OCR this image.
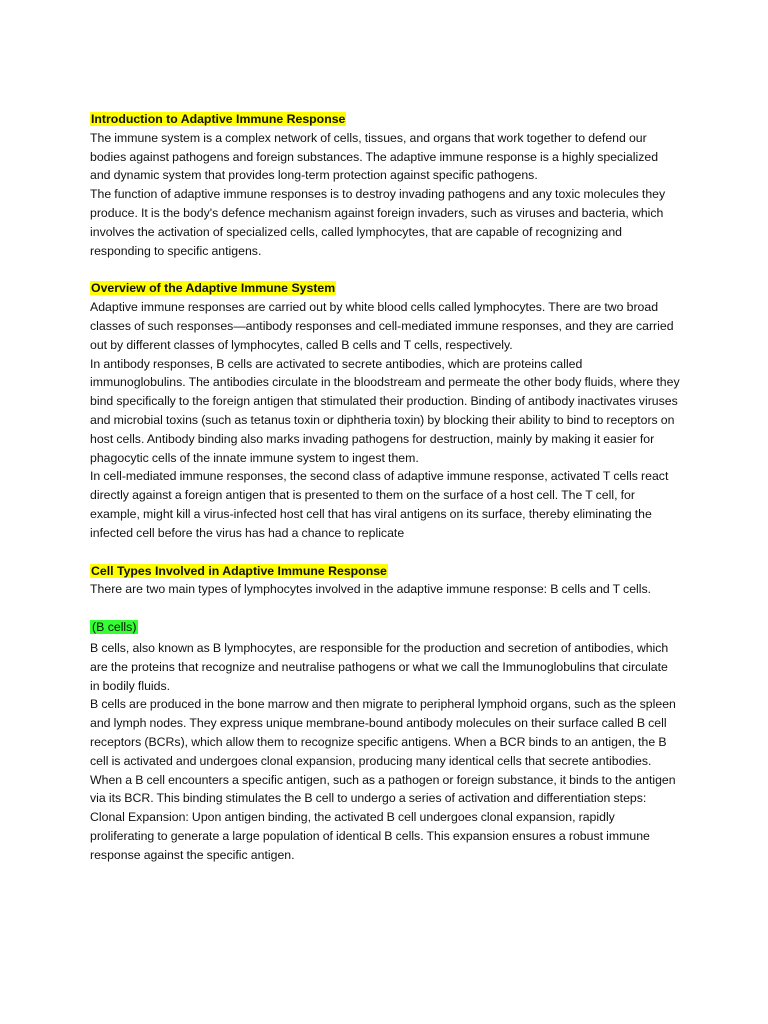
Introduction to Adaptive Immune Response

The immune system is a complex network of cells, tissues, and organs that work together to defend our bodies against pathogens and foreign substances. The adaptive immune response is a highly specialized and dynamic system that provides long-term protection against specific pathogens.

The function of adaptive immune responses is to destroy invading pathogens and any toxic molecules they produce. It is the body's defence mechanism against foreign invaders, such as viruses and bacteria, which involves the activation of specialized cells, called lymphocytes, that are capable of recognizing and responding to specific antigens.

Overview of the Adaptive Immune System

Adaptive immune responses are carried out by white blood cells called lymphocytes. There are two broad classes of such responses—antibody responses and cell-mediated immune responses, and they are carried out by different classes of lymphocytes, called B cells and T cells, respectively.

In antibody responses, B cells are activated to secrete antibodies, which are proteins called immunoglobulins. The antibodies circulate in the bloodstream and permeate the other body fluids, where they bind specifically to the foreign antigen that stimulated their production. Binding of antibody inactivates viruses and microbial toxins (such as tetanus toxin or diphtheria toxin) by blocking their ability to bind to receptors on host cells. Antibody binding also marks invading pathogens for destruction, mainly by making it easier for phagocytic cells of the innate immune system to ingest them.

In cell-mediated immune responses, the second class of adaptive immune response, activated T cells react directly against a foreign antigen that is presented to them on the surface of a host cell. The T cell, for example, might kill a virus-infected host cell that has viral antigens on its surface, thereby eliminating the infected cell before the virus has had a chance to replicate

Cell Types Involved in Adaptive Immune Response

There are two main types of lymphocytes involved in the adaptive immune response: B cells and T cells.

(B cells)

B cells, also known as B lymphocytes, are responsible for the production and secretion of antibodies, which are the proteins that recognize and neutralise pathogens or what we call the Immunoglobulins that circulate in bodily fluids.

B cells are produced in the bone marrow and then migrate to peripheral lymphoid organs, such as the spleen and lymph nodes. They express unique membrane-bound antibody molecules on their surface called B cell receptors (BCRs), which allow them to recognize specific antigens. When a BCR binds to an antigen, the B cell is activated and undergoes clonal expansion, producing many identical cells that secrete antibodies.

When a B cell encounters a specific antigen, such as a pathogen or foreign substance, it binds to the antigen via its BCR. This binding stimulates the B cell to undergo a series of activation and differentiation steps:

Clonal Expansion: Upon antigen binding, the activated B cell undergoes clonal expansion, rapidly proliferating to generate a large population of identical B cells. This expansion ensures a robust immune response against the specific antigen.
